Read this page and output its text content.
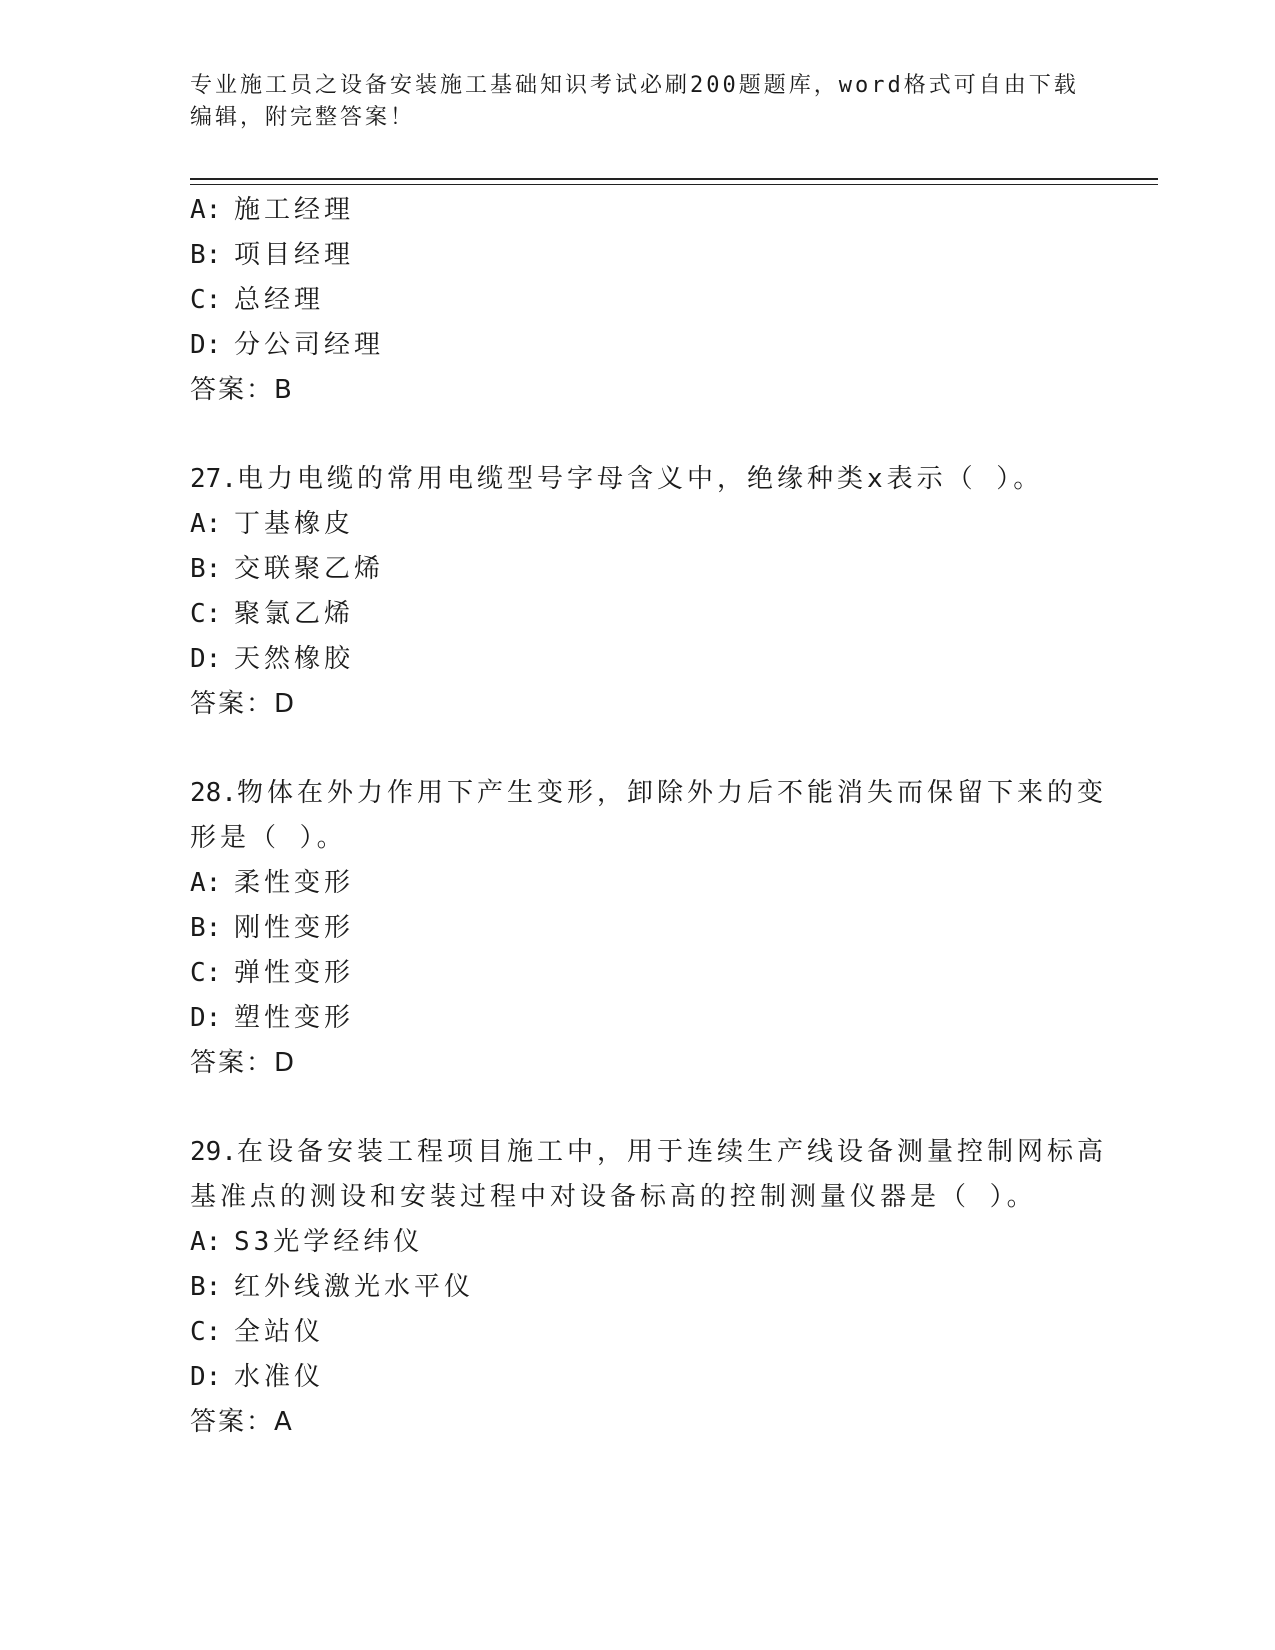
专业施工员之设备安装施工基础知识考试必刷200题题库，word格式可自由下载编辑，附完整答案！
A: 施工经理
B: 项目经理
C: 总经理
D: 分公司经理
答案：B
27.电力电缆的常用电缆型号字母含义中，绝缘种类x表示（ ）。
A: 丁基橡皮
B: 交联聚乙烯
C: 聚氯乙烯
D: 天然橡胶
答案：D
28.物体在外力作用下产生变形，卸除外力后不能消失而保留下来的变
形是（ ）。
A: 柔性变形
B: 刚性变形
C: 弹性变形
D: 塑性变形
答案：D
29.在设备安装工程项目施工中，用于连续生产线设备测量控制网标高
基准点的测设和安装过程中对设备标高的控制测量仪器是（ ）。
A: S3光学经纬仪
B: 红外线激光水平仪
C: 全站仪
D: 水准仪
答案：A
